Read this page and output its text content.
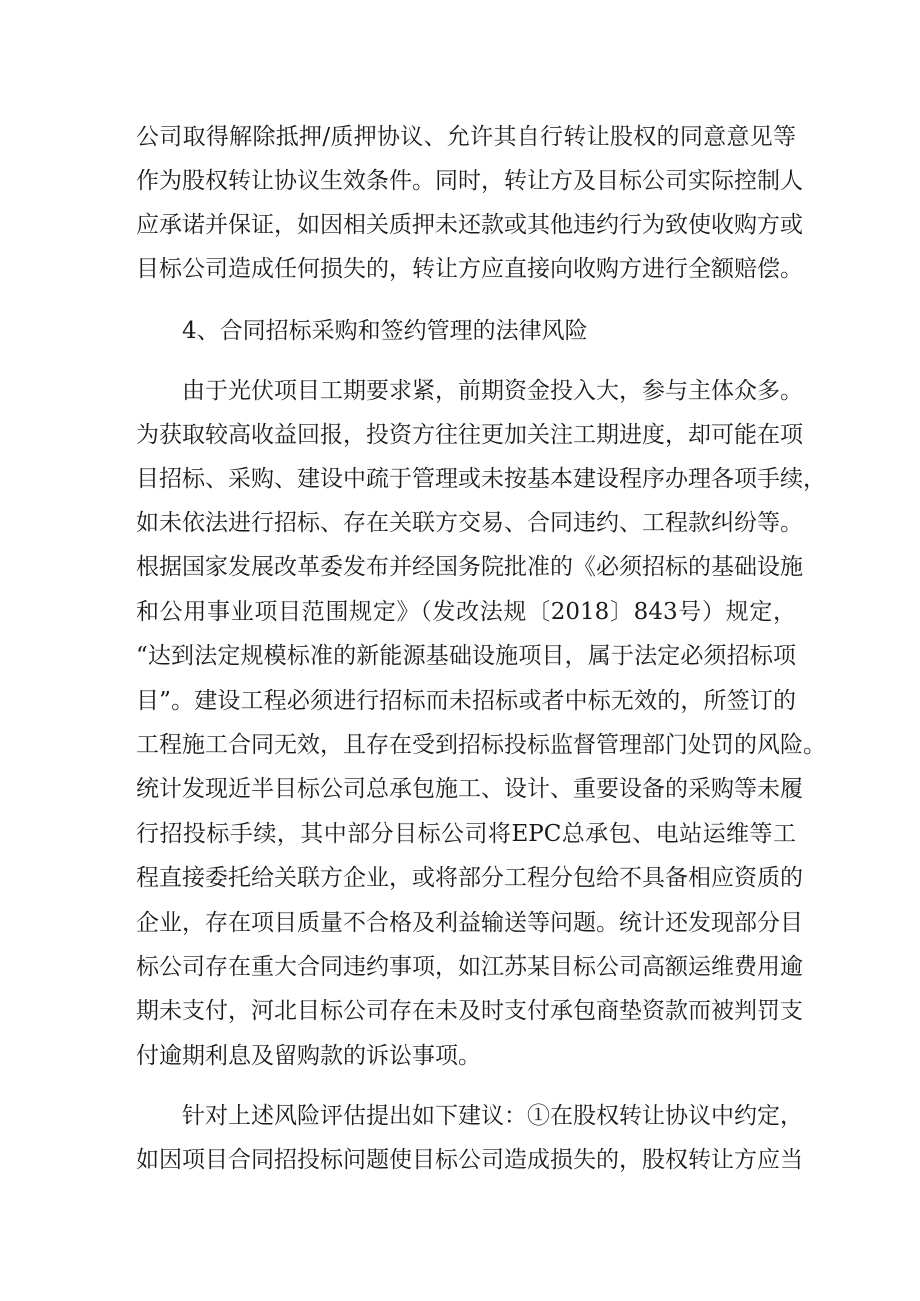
公司取得解除抵押/质押协议、允许其自行转让股权的同意意见等
作为股权转让协议生效条件。同时，转让方及目标公司实际控制人
应承诺并保证，如因相关质押未还款或其他违约行为致使收购方或
目标公司造成任何损失的，转让方应直接向收购方进行全额赔偿。
4、合同招标采购和签约管理的法律风险
由于光伏项目工期要求紧，前期资金投入大，参与主体众多。
为获取较高收益回报，投资方往往更加关注工期进度，却可能在项
目招标、采购、建设中疏于管理或未按基本建设程序办理各项手续，
如未依法进行招标、存在关联方交易、合同违约、工程款纠纷等。
根据国家发展改革委发布并经国务院批准的《必须招标的基础设施
和公用事业项目范围规定》（发改法规〔2018〕843号）规定，
“达到法定规模标准的新能源基础设施项目，属于法定必须招标项
目”。建设工程必须进行招标而未招标或者中标无效的，所签订的
工程施工合同无效，且存在受到招标投标监督管理部门处罚的风险。
统计发现近半目标公司总承包施工、设计、重要设备的采购等未履
行招投标手续，其中部分目标公司将EPC总承包、电站运维等工
程直接委托给关联方企业，或将部分工程分包给不具备相应资质的
企业，存在项目质量不合格及利益输送等问题。统计还发现部分目
标公司存在重大合同违约事项，如江苏某目标公司高额运维费用逾
期未支付，河北目标公司存在未及时支付承包商垫资款而被判罚支
付逾期利息及留购款的诉讼事项。
针对上述风险评估提出如下建议：①在股权转让协议中约定，
如因项目合同招投标问题使目标公司造成损失的，股权转让方应当
